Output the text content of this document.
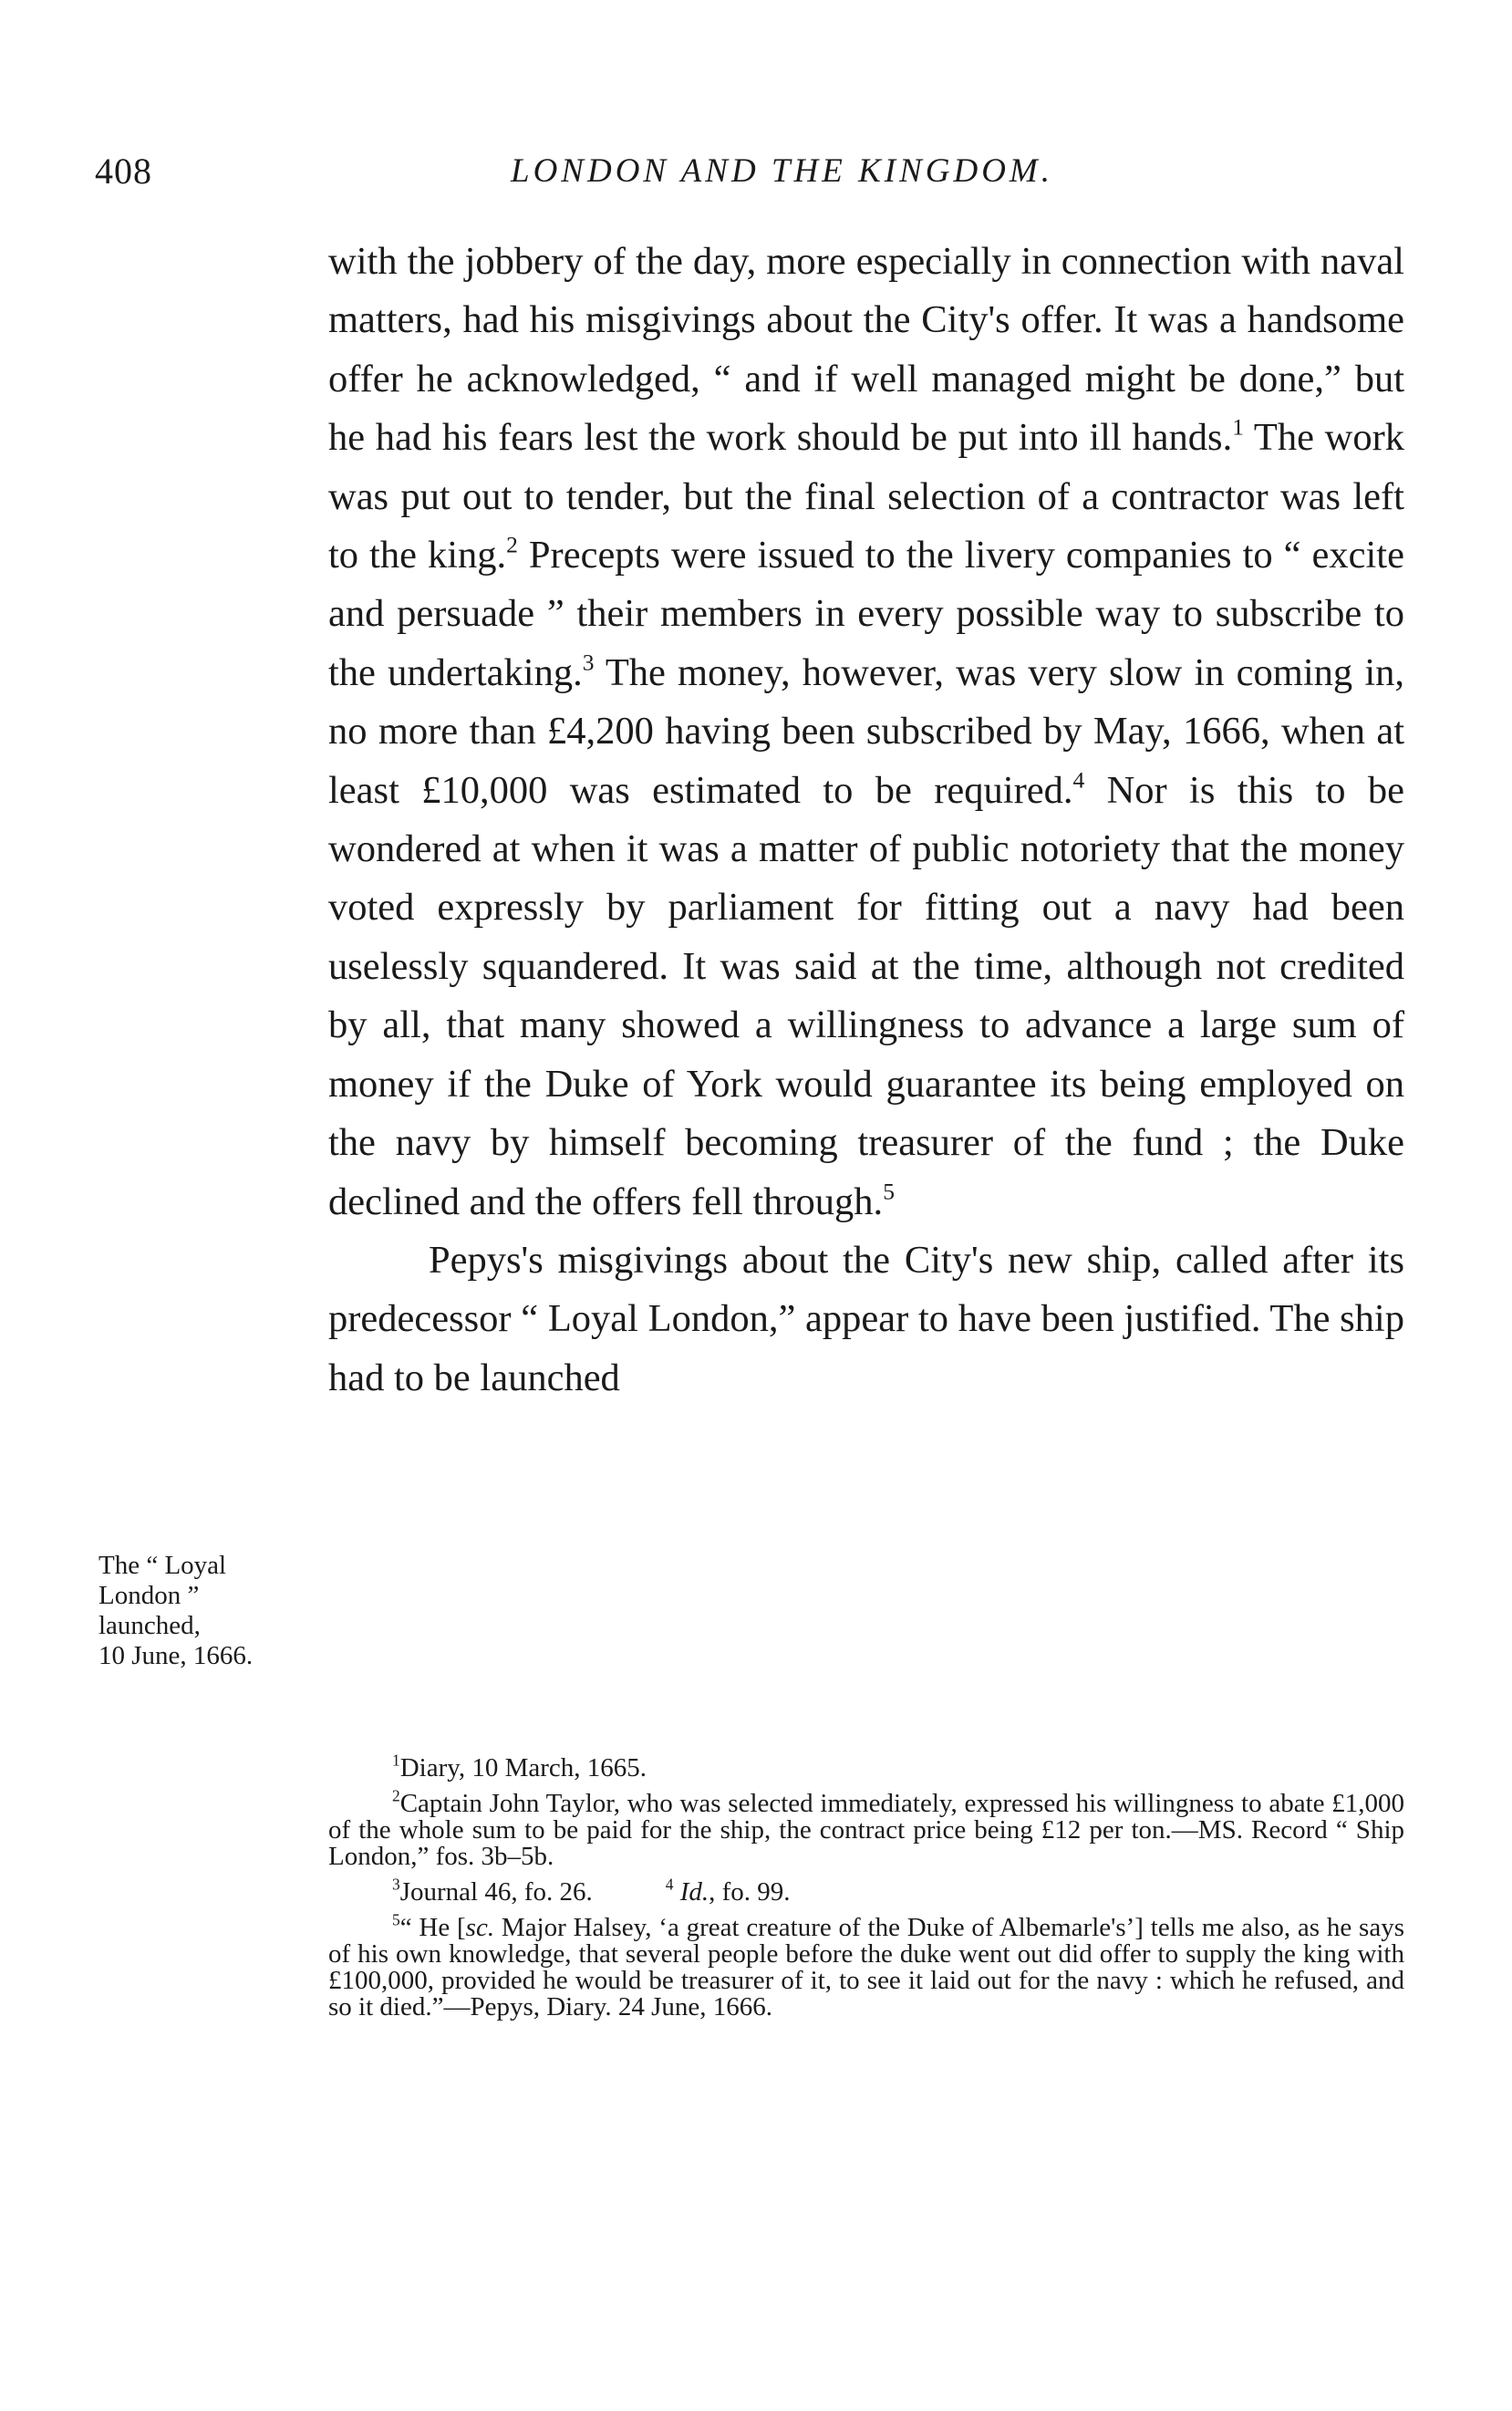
408	LONDON AND THE KINGDOM.

with the jobbery of the day, more especially in connection with naval matters, had his misgivings about the City's offer. It was a handsome offer he acknowledged, “ and if well managed might be done,” but he had his fears lest the work should be put into ill hands.$^1$ The work was put out to tender, but the final selection of a contractor was left to the king.$^2$ Precepts were issued to the livery companies to “ excite and persuade ” their members in every possible way to subscribe to the undertaking.$^3$ The money, however, was very slow in coming in, no more than £4,200 having been subscribed by May, 1666, when at least £10,000 was estimated to be required.$^4$ Nor is this to be wondered at when it was a matter of public notoriety that the money voted expressly by parliament for fitting out a navy had been uselessly squandered. It was said at the time, although not credited by all, that many showed a willingness to advance a large sum of money if the Duke of York would guarantee its being employed on the navy by himself becoming treasurer of the fund ; the Duke declined and the offers fell through.$^5$

Pepys's misgivings about the City's new ship, called after its predecessor “ Loyal London,” appear to have been justified. The ship had to be launched

The “ Loyal
London ”
launched,
10 June, 1666.

$^1$Diary, 10 March, 1665.

$^2$Captain John Taylor, who was selected immediately, expressed his willingness to abate £1,000 of the whole sum to be paid for the ship, the contract price being £12 per ton.—MS. Record “ Ship London,” fos. 3b–5b.

$^3$Journal 46, fo. 26.	$^4$ Id., fo. 99.

$^5$“ He [sc. Major Halsey, ‘a great creature of the Duke of Albemarle's’] tells me also, as he says of his own knowledge, that several people before the duke went out did offer to supply the king with £100,000, provided he would be treasurer of it, to see it laid out for the navy : which he refused, and so it died.”—Pepys, Diary. 24 June, 1666.
